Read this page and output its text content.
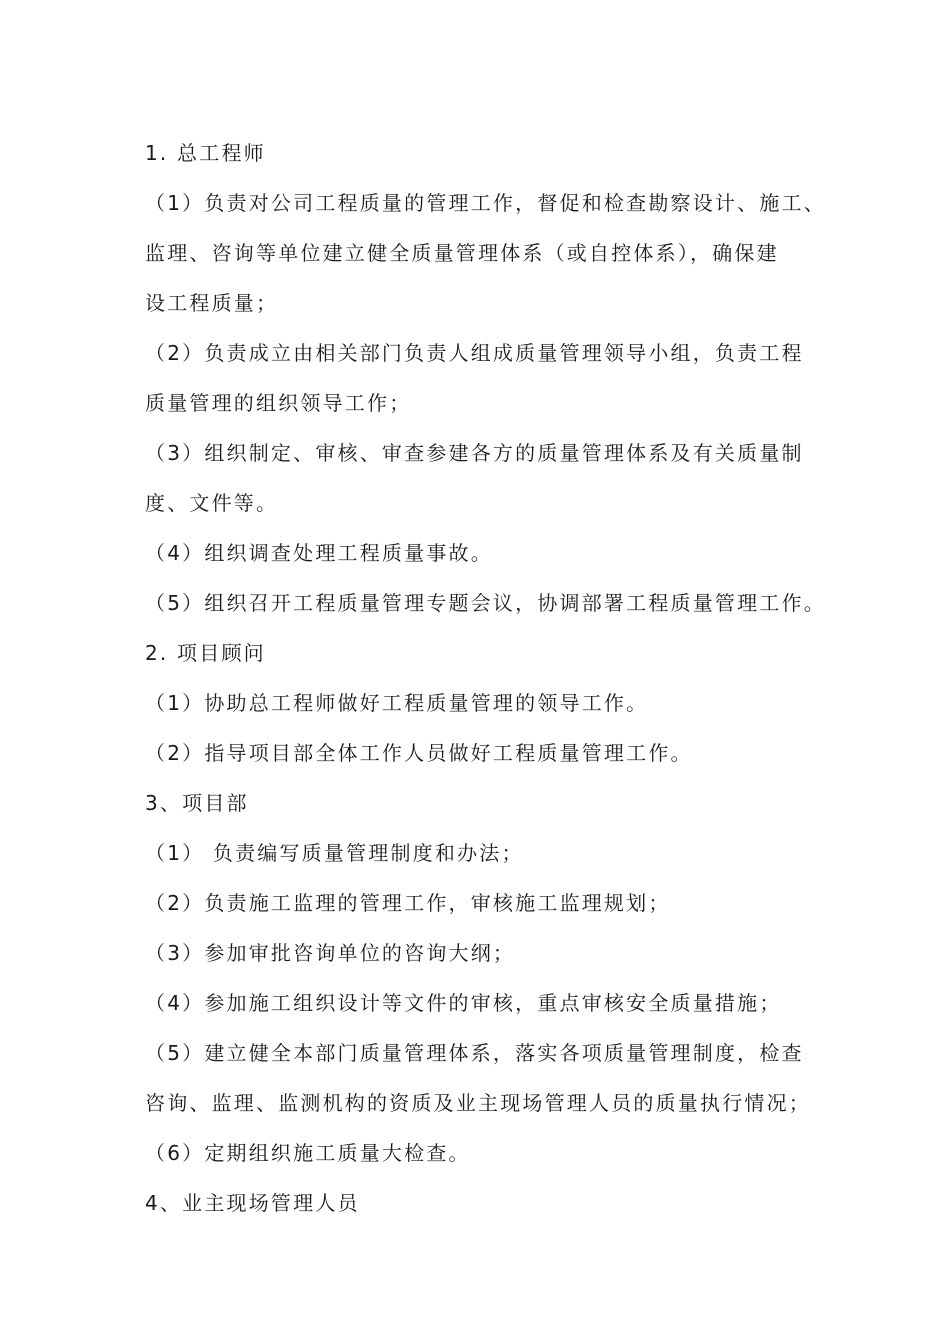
1. 总工程师
（1）负责对公司工程质量的管理工作，督促和检查勘察设计、施工、
监理、咨询等单位建立健全质量管理体系（或自控体系），确保建
设工程质量；
（2）负责成立由相关部门负责人组成质量管理领导小组，负责工程
质量管理的组织领导工作；
（3）组织制定、审核、审查参建各方的质量管理体系及有关质量制
度、文件等。
（4）组织调查处理工程质量事故。
（5）组织召开工程质量管理专题会议，协调部署工程质量管理工作。
2. 项目顾问
（1）协助总工程师做好工程质量管理的领导工作。
（2）指导项目部全体工作人员做好工程质量管理工作。
3、项目部
（1） 负责编写质量管理制度和办法；
（2）负责施工监理的管理工作，审核施工监理规划；
（3）参加审批咨询单位的咨询大纲；
（4）参加施工组织设计等文件的审核，重点审核安全质量措施；
（5）建立健全本部门质量管理体系，落实各项质量管理制度，检查
咨询、监理、监测机构的资质及业主现场管理人员的质量执行情况；
（6）定期组织施工质量大检查。
4、业主现场管理人员
